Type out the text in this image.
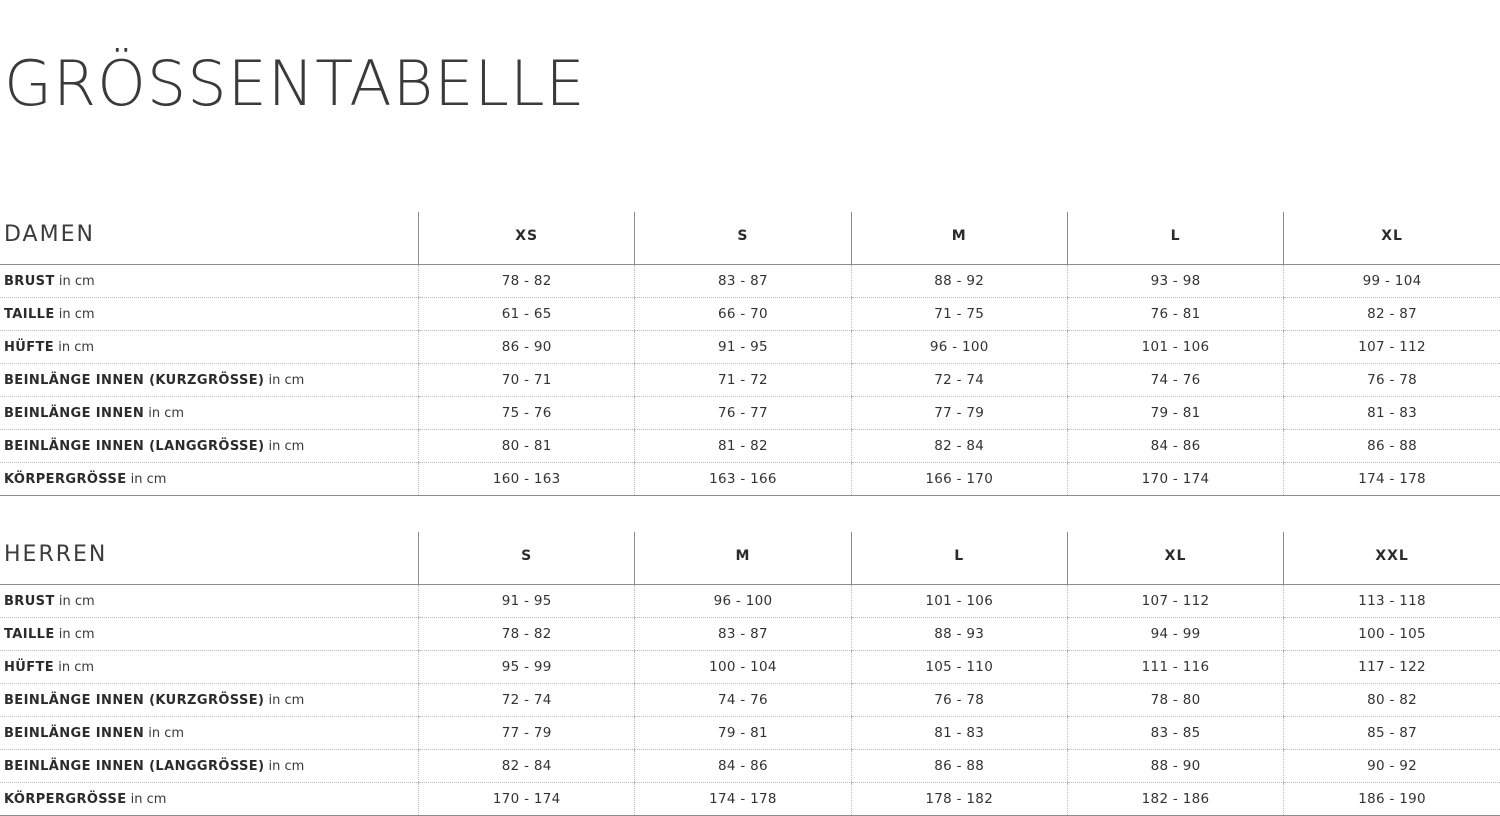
GRÖSSENTABELLE
DAMEN	XS	S	M	L	XL
BRUST in cm	78 - 82	83 - 87	88 - 92	93 - 98	99 - 104
TAILLE in cm	61 - 65	66 - 70	71 - 75	76 - 81	82 - 87
HÜFTE in cm	86 - 90	91 - 95	96 - 100	101 - 106	107 - 112
BEINLÄNGE INNEN (KURZGRÖSSE) in cm	70 - 71	71 - 72	72 - 74	74 - 76	76 - 78
BEINLÄNGE INNEN in cm	75 - 76	76 - 77	77 - 79	79 - 81	81 - 83
BEINLÄNGE INNEN (LANGGRÖSSE) in cm	80 - 81	81 - 82	82 - 84	84 - 86	86 - 88
KÖRPERGRÖSSE in cm	160 - 163	163 - 166	166 - 170	170 - 174	174 - 178
HERREN	S	M	L	XL	XXL
BRUST in cm	91 - 95	96 - 100	101 - 106	107 - 112	113 - 118
TAILLE in cm	78 - 82	83 - 87	88 - 93	94 - 99	100 - 105
HÜFTE in cm	95 - 99	100 - 104	105 - 110	111 - 116	117 - 122
BEINLÄNGE INNEN (KURZGRÖSSE) in cm	72 - 74	74 - 76	76 - 78	78 - 80	80 - 82
BEINLÄNGE INNEN in cm	77 - 79	79 - 81	81 - 83	83 - 85	85 - 87
BEINLÄNGE INNEN (LANGGRÖSSE) in cm	82 - 84	84 - 86	86 - 88	88 - 90	90 - 92
KÖRPERGRÖSSE in cm	170 - 174	174 - 178	178 - 182	182 - 186	186 - 190
